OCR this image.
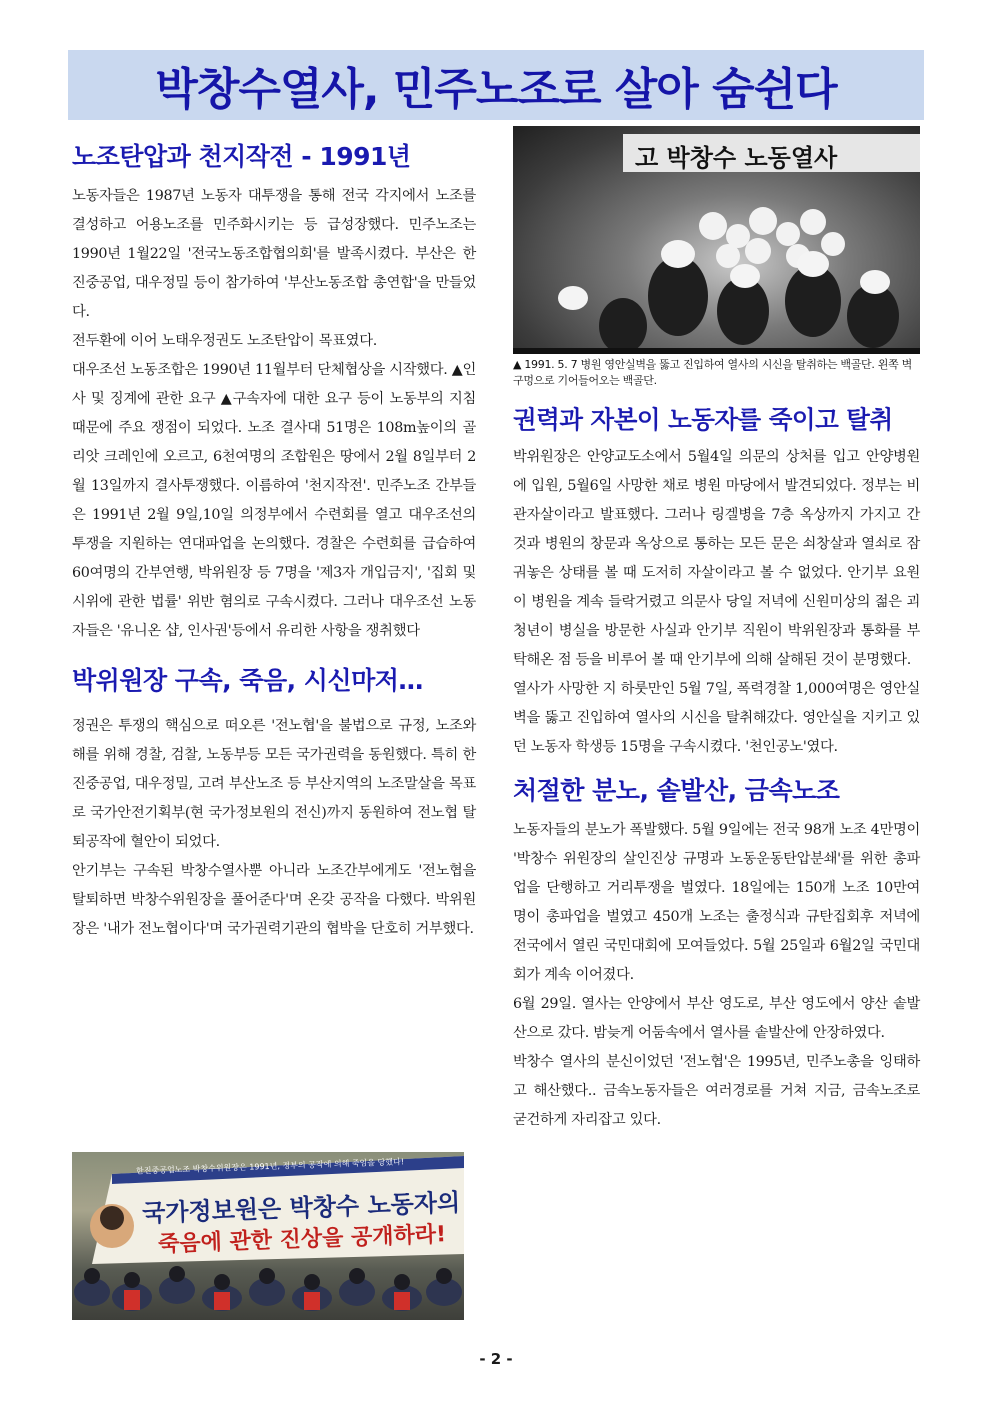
박창수열사, 민주노조로 살아 숨쉰다
노조탄압과 천지작전 - 1991년

노동자들은 1987년 노동자 대투쟁을 통해 전국 각지에서 노조를 결성하고 어용노조를 민주화시키는 등 급성장했다. 민주노조는 1990년 1월22일 '전국노동조합협의회'를 발족시켰다. 부산은 한진중공업, 대우정밀 등이 참가하여 '부산노동조합 총연합'을 만들었다.

전두환에 이어 노태우정권도 노조탄압이 목표였다.

대우조선 노동조합은 1990년 11월부터 단체협상을 시작했다. ▲인사 및 징계에 관한 요구 ▲구속자에 대한 요구 등이 노동부의 지침때문에 주요 쟁점이 되었다. 노조 결사대 51명은 108m높이의 골리앗 크레인에 오르고, 6천여명의 조합원은 땅에서 2월 8일부터 2월 13일까지 결사투쟁했다. 이름하여 '천지작전'. 민주노조 간부들은 1991년 2월 9일,10일 의정부에서 수련회를 열고 대우조선의 투쟁을 지원하는 연대파업을 논의했다. 경찰은 수련회를 급습하여 60여명의 간부연행, 박위원장 등 7명을 '제3자 개입금지', '집회 및 시위에 관한 법률' 위반 혐의로 구속시켰다. 그러나 대우조선 노동자들은 '유니온 샵, 인사권'등에서 유리한 사항을 쟁취했다

박위원장 구속, 죽음, 시신마저…

정권은 투쟁의 핵심으로 떠오른 '전노협'을 불법으로 규정, 노조와해를 위해 경찰, 검찰, 노동부등 모든 국가권력을 동원했다. 특히 한진중공업, 대우정밀, 고려 부산노조 등 부산지역의 노조말살을 목표로 국가안전기획부(현 국가정보원의 전신)까지 동원하여 전노협 탈퇴공작에 혈안이 되었다.

안기부는 구속된 박창수열사뿐 아니라 노조간부에게도 '전노협을 탈퇴하면 박창수위원장을 풀어준다'며 온갖 공작을 다했다. 박위원장은 '내가 전노협이다'며 국가권력기관의 협박을 단호히 거부했다.

한진중공업노조 박창수위원장은 1991년, 정부의 공작에 의해 죽임을 당했다!
국가정보원은 박창수 노동자의
죽음에 관한 진상을 공개하라!
고 박창수 노동열사
▲ 1991. 5. 7 병원 영안실벽을 뚫고 진입하여 열사의 시신을 탈취하는 백골단. 왼쪽 벽구멍으로 기어들어오는 백골단.
권력과 자본이 노동자를 죽이고 탈취

박위원장은 안양교도소에서 5월4일 의문의 상처를 입고 안양병원에 입원, 5월6일 사망한 채로 병원 마당에서 발견되었다. 정부는 비관자살이라고 발표했다. 그러나 링겔병을 7층 옥상까지 가지고 간 것과 병원의 창문과 옥상으로 통하는 모든 문은 쇠창살과 열쇠로 잠궈놓은 상태를 볼 때 도저히 자살이라고 볼 수 없었다. 안기부 요원이 병원을 계속 들락거렸고 의문사 당일 저녁에 신원미상의 젊은 괴청년이 병실을 방문한 사실과 안기부 직원이 박위원장과 통화를 부탁해온 점 등을 비루어 볼 때 안기부에 의해 살해된 것이 분명했다.

열사가 사망한 지 하룻만인 5월 7일, 폭력경찰 1,000여명은 영안실 벽을 뚫고 진입하여 열사의 시신을 탈취해갔다. 영안실을 지키고 있던 노동자 학생등 15명을 구속시켰다. '천인공노'였다.

처절한 분노, 솥발산, 금속노조

노동자들의 분노가 폭발했다. 5월 9일에는 전국 98개 노조 4만명이 '박창수 위원장의 살인진상 규명과 노동운동탄압분쇄'를 위한 총파업을 단행하고 거리투쟁을 벌였다. 18일에는 150개 노조 10만여 명이 총파업을 벌였고 450개 노조는 출정식과 규탄집회후 저녁에 전국에서 열린 국민대회에 모여들었다. 5월 25일과 6월2일 국민대회가 계속 이어졌다.

6월 29일. 열사는 안양에서 부산 영도로, 부산 영도에서 양산 솥발산으로 갔다. 밤늦게 어둠속에서 열사를 솥발산에 안장하였다.

박창수 열사의 분신이었던 '전노협'은 1995년, 민주노총을 잉태하고 해산했다.. 금속노동자들은 여러경로를 거쳐 지금, 금속노조로 굳건하게 자리잡고 있다.

- 2 -
